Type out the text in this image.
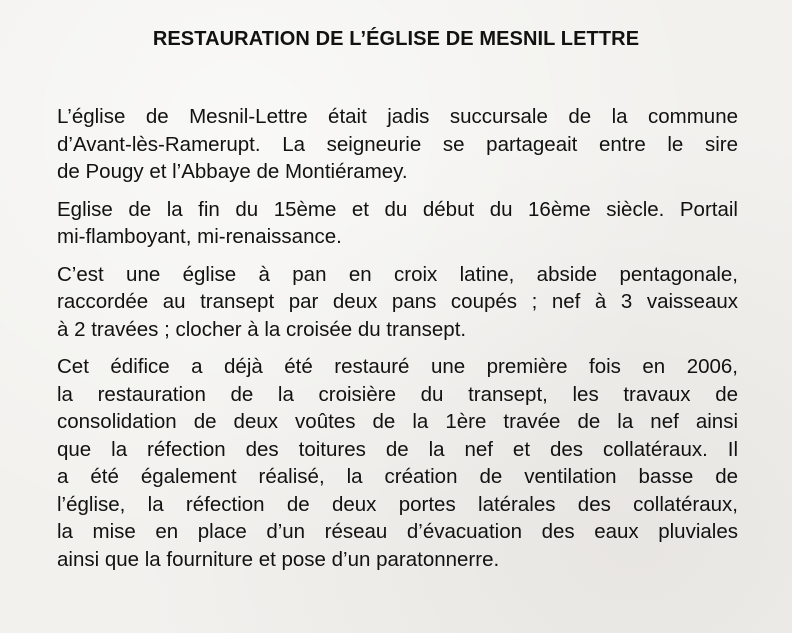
RESTAURATION DE L’ÉGLISE DE MESNIL LETTRE

L’église de Mesnil-Lettre était jadis succursale de la commune
d’Avant-lès-Ramerupt. La seigneurie se partageait entre le sire
de Pougy et l’Abbaye de Montiéramey.

Eglise de la fin du 15ème et du début du 16ème siècle. Portail
mi-flamboyant, mi-renaissance.

C’est une église à pan en croix latine, abside pentagonale,
raccordée au transept par deux pans coupés ; nef à 3 vaisseaux
à 2 travées ; clocher à la croisée du transept.

Cet édifice a déjà été restauré une première fois en 2006,
la restauration de la croisière du transept, les travaux de
consolidation de deux voûtes de la 1ère travée de la nef ainsi
que la réfection des toitures de la nef et des collatéraux. Il
a été également réalisé, la création de ventilation basse de
l’église, la réfection de deux portes latérales des collatéraux,
la mise en place d’un réseau d’évacuation des eaux pluviales
ainsi que la fourniture et pose d’un paratonnerre.
